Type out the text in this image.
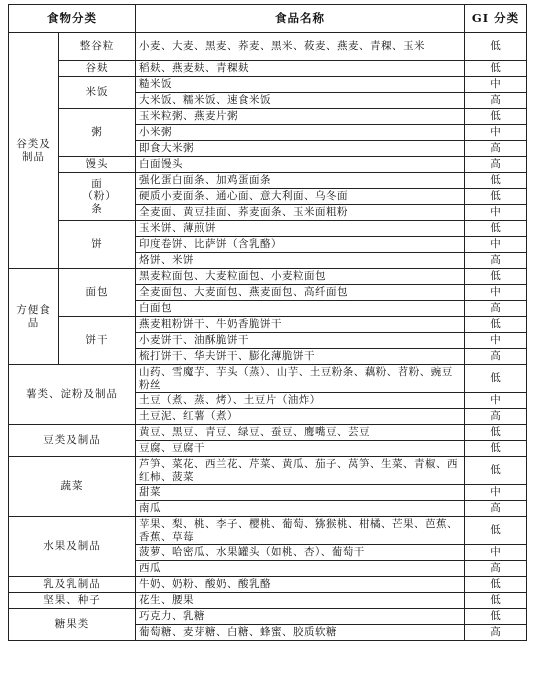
食物分类		食品名称	GI 分类
谷类及制品	整谷粒	小麦、大麦、黑麦、荞麦、黑米、莜麦、燕麦、青稞、玉米	低
	谷麸	稻麸、燕麦麸、青稞麸	低
	米饭	糙米饭	中
		大米饭、糯米饭、速食米饭	高
	粥	玉米粒粥、燕麦片粥	低
		小米粥	中
		即食大米粥	高
	馒头	白面馒头	高
	面（粉）条	强化蛋白面条、加鸡蛋面条	低
		硬质小麦面条、通心面、意大利面、乌冬面	低
		全麦面、黄豆挂面、荞麦面条、玉米面粗粉	中
	饼	玉米饼、薄煎饼	低
		印度卷饼、比萨饼（含乳酪）	中
		烙饼、米饼	高
方便食品	面包	黑麦粒面包、大麦粒面包、小麦粒面包	低
		全麦面包、大麦面包、燕麦面包、高纤面包	中
		白面包	高
	饼干	燕麦粗粉饼干、牛奶香脆饼干	低
		小麦饼干、油酥脆饼干	中
		梳打饼干、华夫饼干、膨化薄脆饼干	高
薯类、淀粉及制品		山药、雪魔芋、芋头（蒸）、山芋、土豆粉条、藕粉、苕粉、豌豆粉丝	低
		土豆（煮、蒸、烤）、土豆片（油炸）	中
		土豆泥、红薯（煮）	高
豆类及制品		黄豆、黑豆、青豆、绿豆、蚕豆、鹰嘴豆、芸豆	低
		豆腐、豆腐干	低
蔬菜		芦笋、菜花、西兰花、芹菜、黄瓜、茄子、莴笋、生菜、青椒、西红柿、菠菜	低
		甜菜	中
		南瓜	高
水果及制品		苹果、梨、桃、李子、樱桃、葡萄、猕猴桃、柑橘、芒果、芭蕉、香蕉、草莓	低
		菠萝、哈密瓜、水果罐头（如桃、杏）、葡萄干	中
		西瓜	高
乳及乳制品		牛奶、奶粉、酸奶、酸乳酪	低
坚果、种子		花生、腰果	低
糖果类		巧克力、乳糖	低
		葡萄糖、麦芽糖、白糖、蜂蜜、胶质软糖	高
